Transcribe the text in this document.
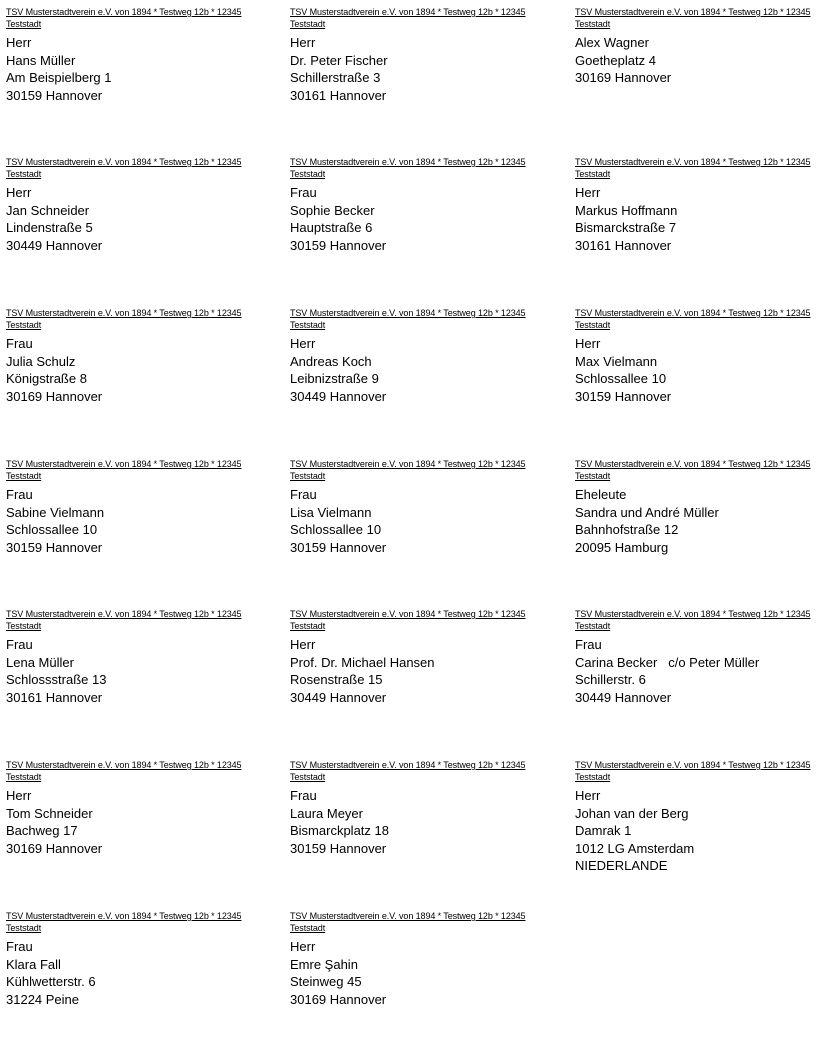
TSV Musterstadtverein e.V. von 1894 * Testweg 12b * 12345 Teststadt
Herr
Hans Müller
Am Beispielberg 1
30159 Hannover
TSV Musterstadtverein e.V. von 1894 * Testweg 12b * 12345 Teststadt
Herr
Dr. Peter Fischer
Schillerstraße 3
30161 Hannover
TSV Musterstadtverein e.V. von 1894 * Testweg 12b * 12345 Teststadt
Alex Wagner
Goetheplatz 4
30169 Hannover
TSV Musterstadtverein e.V. von 1894 * Testweg 12b * 12345 Teststadt
Herr
Jan Schneider
Lindenstraße 5
30449 Hannover
TSV Musterstadtverein e.V. von 1894 * Testweg 12b * 12345 Teststadt
Frau
Sophie Becker
Hauptstraße 6
30159 Hannover
TSV Musterstadtverein e.V. von 1894 * Testweg 12b * 12345 Teststadt
Herr
Markus Hoffmann
Bismarckstraße 7
30161 Hannover
TSV Musterstadtverein e.V. von 1894 * Testweg 12b * 12345 Teststadt
Frau
Julia Schulz
Königstraße 8
30169 Hannover
TSV Musterstadtverein e.V. von 1894 * Testweg 12b * 12345 Teststadt
Herr
Andreas Koch
Leibnizstraße 9
30449 Hannover
TSV Musterstadtverein e.V. von 1894 * Testweg 12b * 12345 Teststadt
Herr
Max Vielmann
Schlossallee 10
30159 Hannover
TSV Musterstadtverein e.V. von 1894 * Testweg 12b * 12345 Teststadt
Frau
Sabine Vielmann
Schlossallee 10
30159 Hannover
TSV Musterstadtverein e.V. von 1894 * Testweg 12b * 12345 Teststadt
Frau
Lisa Vielmann
Schlossallee 10
30159 Hannover
TSV Musterstadtverein e.V. von 1894 * Testweg 12b * 12345 Teststadt
Eheleute
Sandra und André Müller
Bahnhofstraße 12
20095 Hamburg
TSV Musterstadtverein e.V. von 1894 * Testweg 12b * 12345 Teststadt
Frau
Lena Müller
Schlossstraße 13
30161 Hannover
TSV Musterstadtverein e.V. von 1894 * Testweg 12b * 12345 Teststadt
Herr
Prof. Dr. Michael Hansen
Rosenstraße 15
30449 Hannover
TSV Musterstadtverein e.V. von 1894 * Testweg 12b * 12345 Teststadt
Frau
Carina Becker   c/o Peter Müller
Schillerstr. 6
30449 Hannover
TSV Musterstadtverein e.V. von 1894 * Testweg 12b * 12345 Teststadt
Herr
Tom Schneider
Bachweg 17
30169 Hannover
TSV Musterstadtverein e.V. von 1894 * Testweg 12b * 12345 Teststadt
Frau
Laura Meyer
Bismarckplatz 18
30159 Hannover
TSV Musterstadtverein e.V. von 1894 * Testweg 12b * 12345 Teststadt
Herr
Johan van der Berg
Damrak 1
1012 LG Amsterdam
NIEDERLANDE
TSV Musterstadtverein e.V. von 1894 * Testweg 12b * 12345 Teststadt
Frau
Klara Fall
Kühlwetterstr. 6
31224 Peine
TSV Musterstadtverein e.V. von 1894 * Testweg 12b * 12345 Teststadt
Herr
Emre Şahin
Steinweg 45
30169 Hannover
